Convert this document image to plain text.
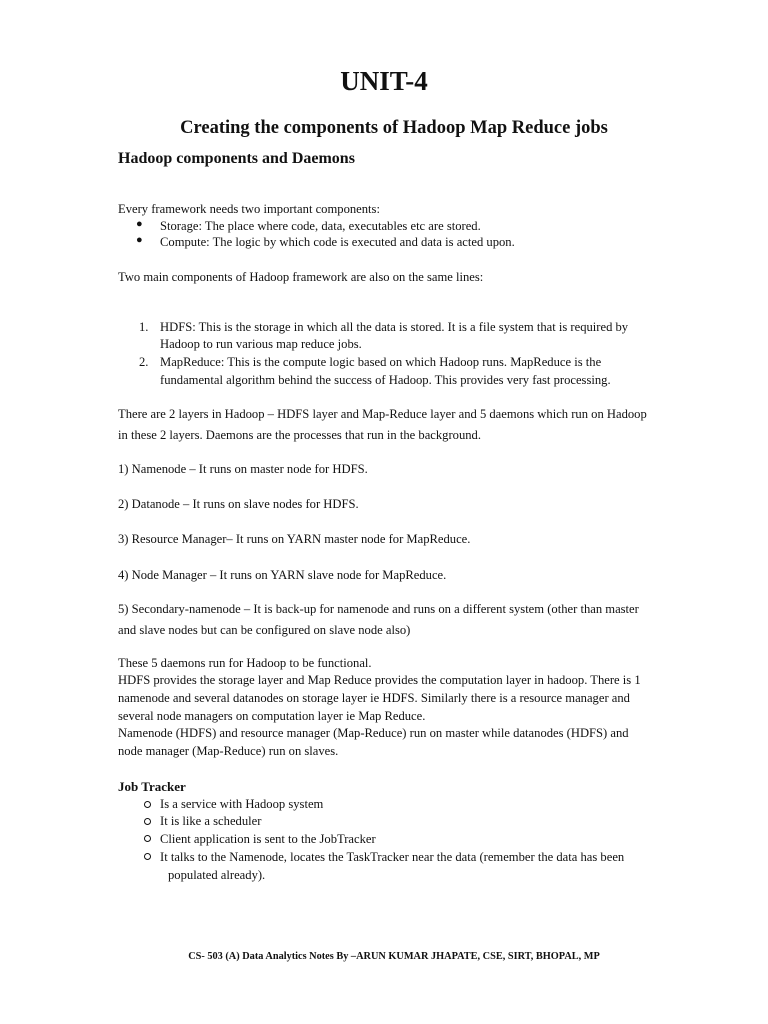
UNIT-4
Creating the components of Hadoop Map Reduce jobs
Hadoop components and Daemons
Every framework needs two important components:
● Storage: The place where code, data, executables etc are stored.
● Compute: The logic by which code is executed and data is acted upon.
Two main components of Hadoop framework are also on the same lines:
1. HDFS: This is the storage in which all the data is stored. It is a file system that is required by
Hadoop to run various map reduce jobs.
2. MapReduce: This is the compute logic based on which Hadoop runs. MapReduce is the
fundamental algorithm behind the success of Hadoop. This provides very fast processing.
There are 2 layers in Hadoop – HDFS layer and Map-Reduce layer and 5 daemons which run on Hadoop
in these 2 layers. Daemons are the processes that run in the background.
1) Namenode – It runs on master node for HDFS.
2) Datanode – It runs on slave nodes for HDFS.
3) Resource Manager– It runs on YARN master node for MapReduce.
4) Node Manager – It runs on YARN slave node for MapReduce.
5) Secondary-namenode – It is back-up for namenode and runs on a different system (other than master
and slave nodes but can be configured on slave node also)
These 5 daemons run for Hadoop to be functional.
HDFS provides the storage layer and Map Reduce provides the computation layer in hadoop. There is 1
namenode and several datanodes on storage layer ie HDFS. Similarly there is a resource manager and
several node managers on computation layer ie Map Reduce.
Namenode (HDFS) and resource manager (Map-Reduce) run on master while datanodes (HDFS) and
node manager (Map-Reduce) run on slaves.
Job Tracker
Is a service with Hadoop system
It is like a scheduler
Client application is sent to the JobTracker
It talks to the Namenode, locates the TaskTracker near the data (remember the data has been
populated already).
CS- 503 (A) Data Analytics Notes By –ARUN KUMAR JHAPATE, CSE, SIRT, BHOPAL, MP
